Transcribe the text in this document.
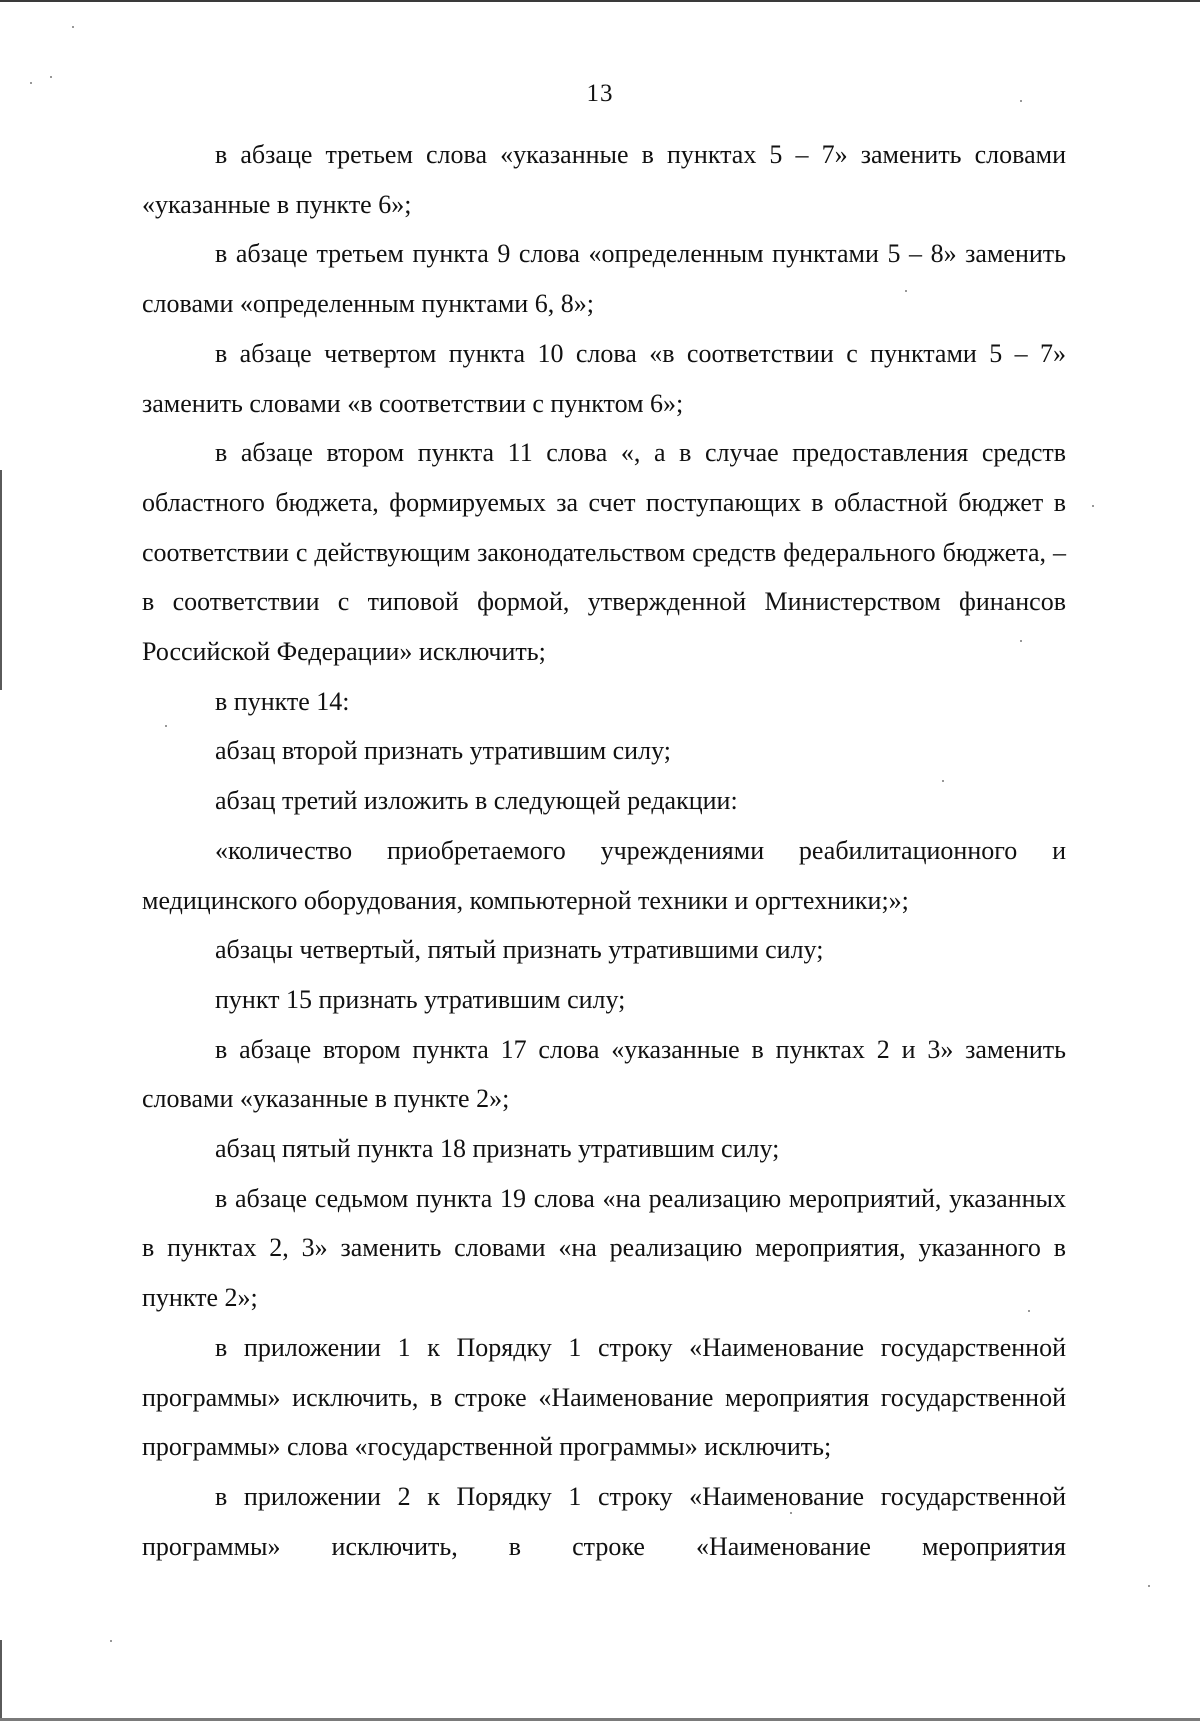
13

в абзаце третьем слова «указанные в пунктах 5 – 7» заменить словами «указанные в пункте 6»;

в абзаце третьем пункта 9 слова «определенным пунктами 5 – 8» заменить словами «определенным пунктами 6, 8»;

в абзаце четвертом пункта 10 слова «в соответствии с пунктами 5 – 7» заменить словами «в соответствии с пунктом 6»;

в абзаце втором пункта 11 слова «, а в случае предоставления средств областного бюджета, формируемых за счет поступающих в областной бюджет в соответствии с действующим законодательством средств федерального бюджета, – в соответствии с типовой формой, утвержденной Министерством финансов Российской Федерации» исключить;

в пункте 14:

абзац второй признать утратившим силу;

абзац третий изложить в следующей редакции:

«количество приобретаемого учреждениями реабилитационного и медицинского оборудования, компьютерной техники и оргтехники;»;

абзацы четвертый, пятый признать утратившими силу;

пункт 15 признать утратившим силу;

в абзаце втором пункта 17 слова «указанные в пунктах 2 и 3» заменить словами «указанные в пункте 2»;

абзац пятый пункта 18 признать утратившим силу;

в абзаце седьмом пункта 19 слова «на реализацию мероприятий, указанных в пунктах 2, 3» заменить словами «на реализацию мероприятия, указанного в пункте 2»;

в приложении 1 к Порядку 1 строку «Наименование государственной программы» исключить, в строке «Наименование мероприятия государственной программы» слова «государственной программы» исключить;

в приложении 2 к Порядку 1 строку «Наименование государственной программы» исключить, в строке «Наименование мероприятия
